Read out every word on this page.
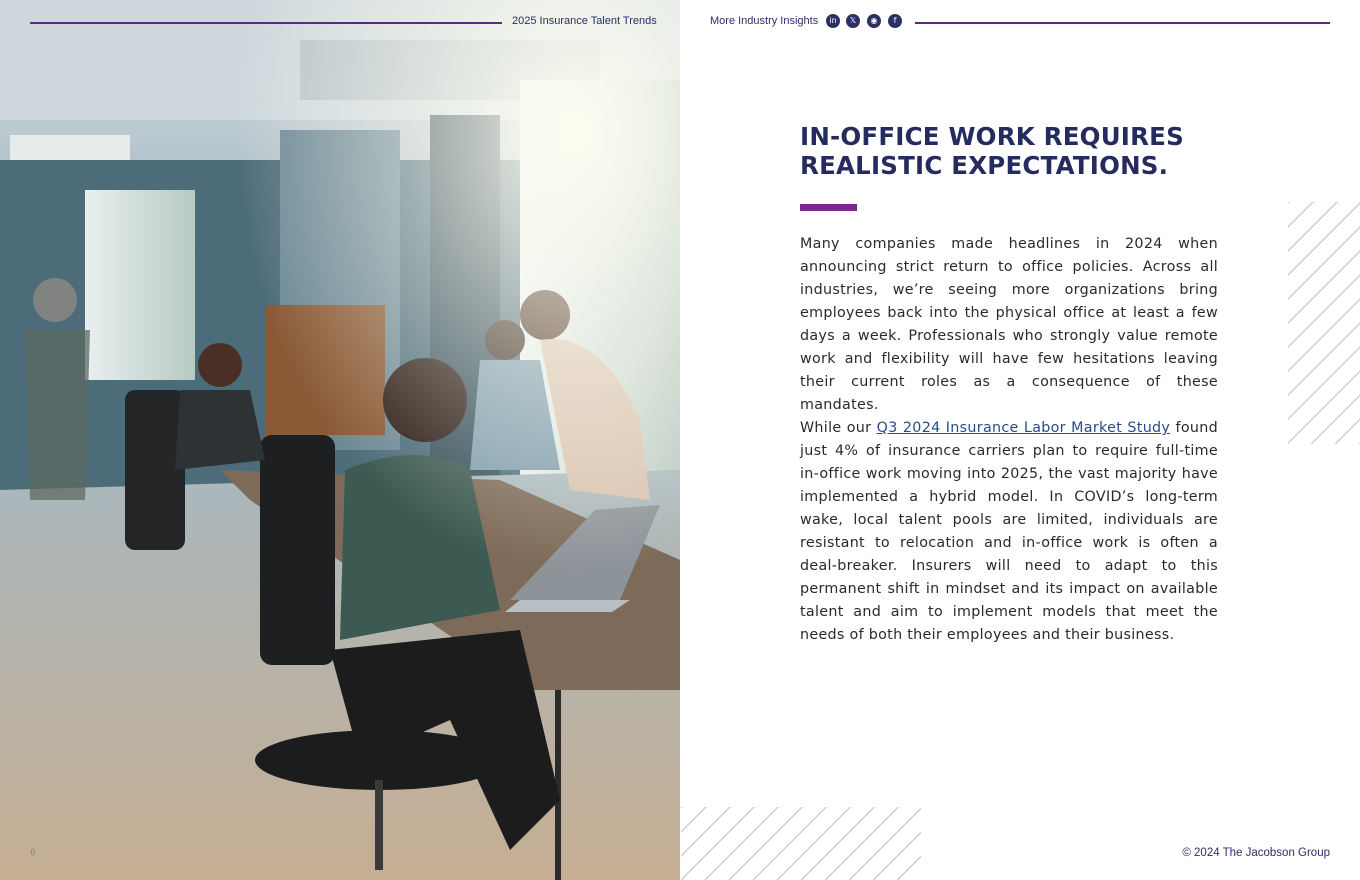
6
2025 Insurance Talent Trends	More Industry Insights	in	𝕏	◉	f
IN-OFFICE WORK REQUIRES
REALISTIC EXPECTATIONS.

Many companies made headlines in 2024 when announcing strict return to office policies. Across all industries, we’re seeing more organizations bring employees back into the physical office at least a few days a week. Professionals who strongly value remote work and flexibility will have few hesitations leaving their current roles as a consequence of these mandates.

While our Q3 2024 Insurance Labor Market Study found just 4% of insurance carriers plan to require full-time in-office work moving into 2025, the vast majority have implemented a hybrid model. In COVID’s long-term wake, local talent pools are limited, individuals are resistant to relocation and in-office work is often a deal-breaker. Insurers will need to adapt to this permanent shift in mindset and its impact on available talent and aim to implement models that meet the needs of both their employees and their business.

© 2024 The Jacobson Group
